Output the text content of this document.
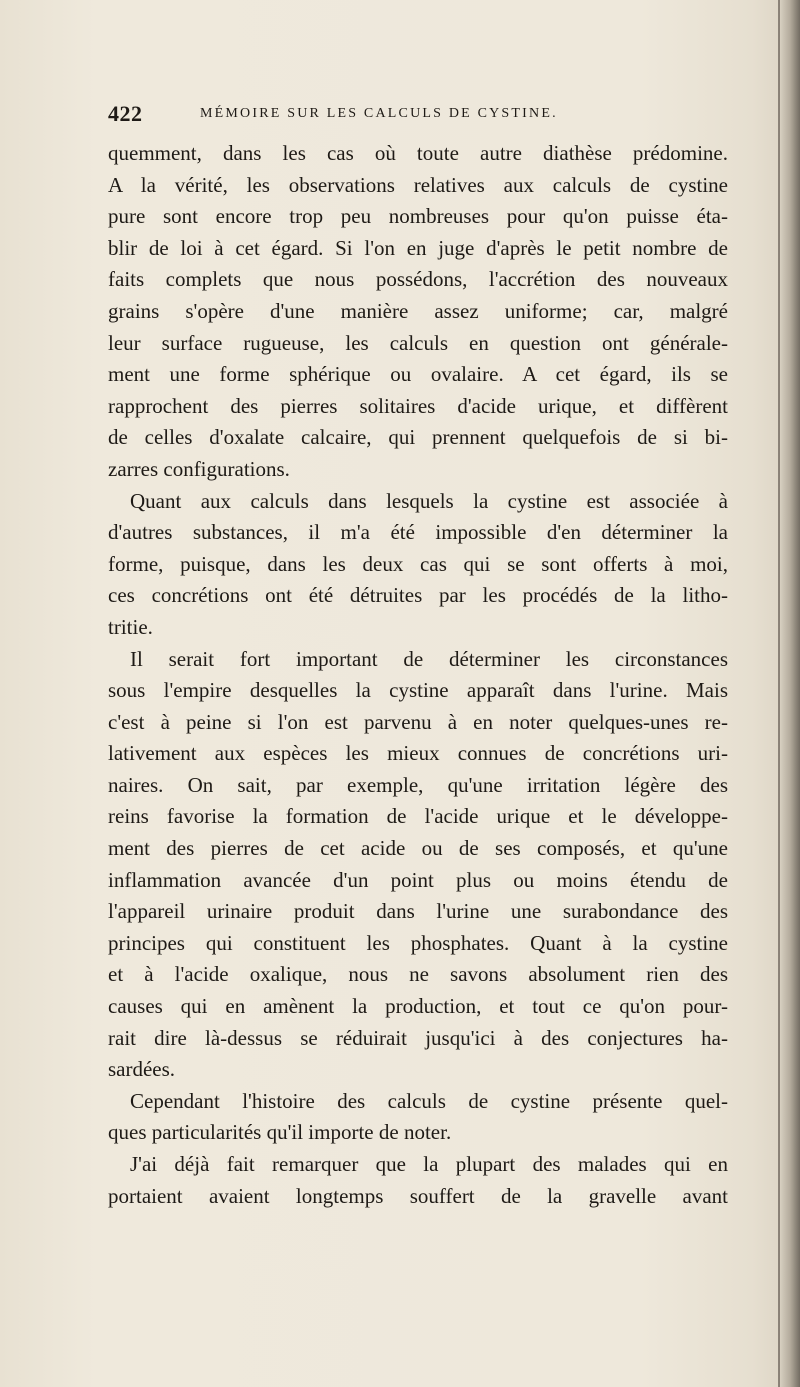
422	MÉMOIRE SUR LES CALCULS DE CYSTINE.
quemment, dans les cas où toute autre diathèse prédomine.
A la vérité, les observations relatives aux calculs de cystine
pure sont encore trop peu nombreuses pour qu'on puisse éta-
blir de loi à cet égard. Si l'on en juge d'après le petit nombre de
faits complets que nous possédons, l'accrétion des nouveaux
grains s'opère d'une manière assez uniforme; car, malgré
leur surface rugueuse, les calculs en question ont générale-
ment une forme sphérique ou ovalaire. A cet égard, ils se
rapprochent des pierres solitaires d'acide urique, et diffèrent
de celles d'oxalate calcaire, qui prennent quelquefois de si bi-
zarres configurations.
Quant aux calculs dans lesquels la cystine est associée à
d'autres substances, il m'a été impossible d'en déterminer la
forme, puisque, dans les deux cas qui se sont offerts à moi,
ces concrétions ont été détruites par les procédés de la litho-
tritie.
Il serait fort important de déterminer les circonstances
sous l'empire desquelles la cystine apparaît dans l'urine. Mais
c'est à peine si l'on est parvenu à en noter quelques-unes re-
lativement aux espèces les mieux connues de concrétions uri-
naires. On sait, par exemple, qu'une irritation légère des
reins favorise la formation de l'acide urique et le développe-
ment des pierres de cet acide ou de ses composés, et qu'une
inflammation avancée d'un point plus ou moins étendu de
l'appareil urinaire produit dans l'urine une surabondance des
principes qui constituent les phosphates. Quant à la cystine
et à l'acide oxalique, nous ne savons absolument rien des
causes qui en amènent la production, et tout ce qu'on pour-
rait dire là-dessus se réduirait jusqu'ici à des conjectures ha-
sardées.
Cependant l'histoire des calculs de cystine présente quel-
ques particularités qu'il importe de noter.
J'ai déjà fait remarquer que la plupart des malades qui en
portaient avaient longtemps souffert de la gravelle avant
